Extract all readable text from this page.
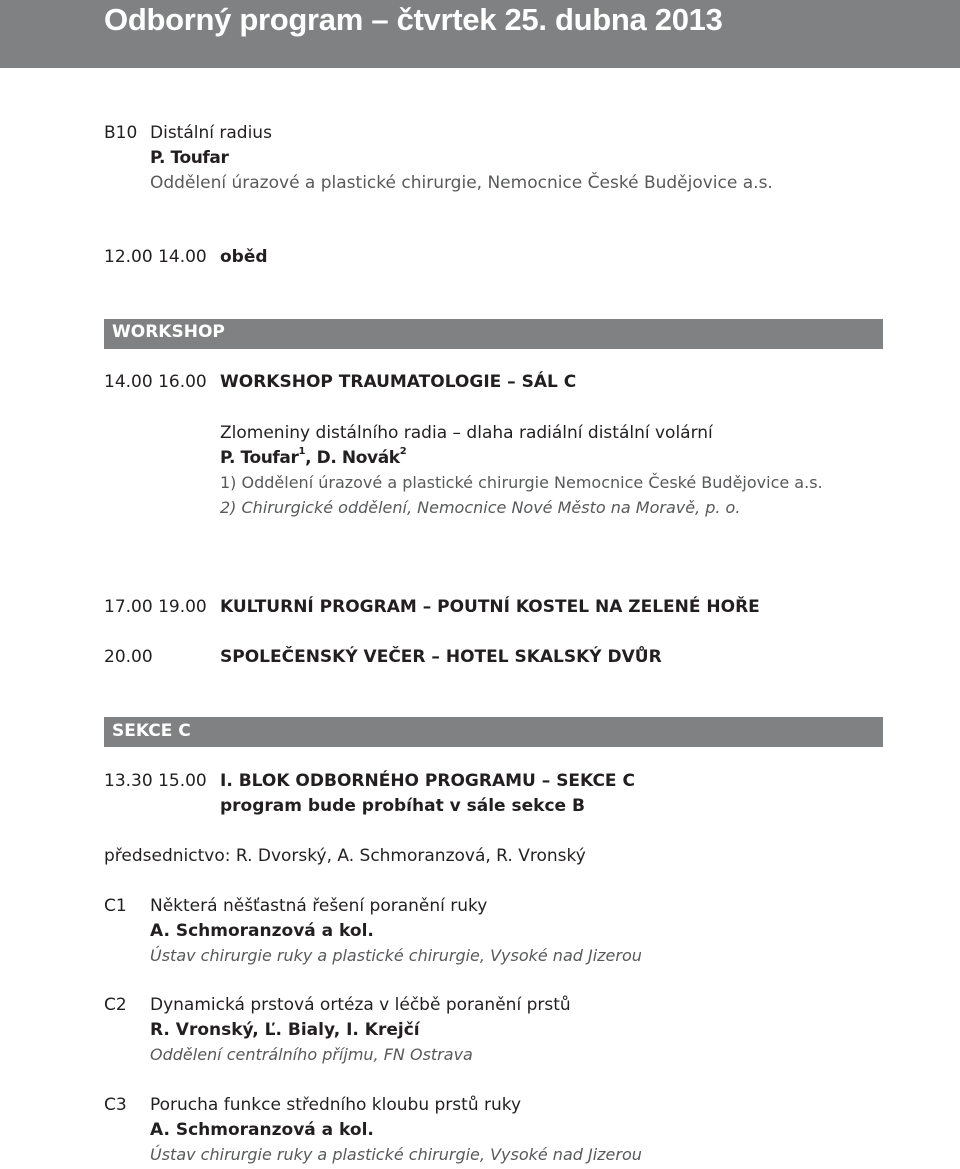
Odborný program – čtvrtek 25. dubna 2013
B10 Distální radius
P. Toufar
Oddělení úrazové a plastické chirurgie, Nemocnice České Budějovice a.s.
12.00 14.00 oběd
WORKSHOP
14.00 16.00 WORKSHOP TRAUMATOLOGIE – SÁL C
Zlomeniny distálního radia – dlaha radiální distální volární
P. Toufar$^1$, D. Novák$^2$
1) Oddělení úrazové a plastické chirurgie Nemocnice České Budějovice a.s.
2) Chirurgické oddělení, Nemocnice Nové Město na Moravě, p. o.
17.00 19.00 KULTURNÍ PROGRAM – POUTNÍ KOSTEL NA ZELENÉ HOŘE
20.00	SPOLEČENSKÝ VEČER – HOTEL SKALSKÝ DVŮR
SEKCE C
13.30 15.00 I. BLOK ODBORNÉHO PROGRAMU – SEKCE C
program bude probíhat v sále sekce B
předsednictvo: R. Dvorský, A. Schmoranzová, R. Vronský
C1 Některá něšťastná řešení poranění ruky
A. Schmoranzová a kol.
Ústav chirurgie ruky a plastické chirurgie, Vysoké nad Jizerou
C2 Dynamická prstová ortéza v léčbě poranění prstů
R. Vronský, Ľ. Bialy, I. Krejčí
Oddělení centrálního příjmu, FN Ostrava
C3 Porucha funkce středního kloubu prstů ruky
A. Schmoranzová a kol.
Ústav chirurgie ruky a plastické chirurgie, Vysoké nad Jizerou
